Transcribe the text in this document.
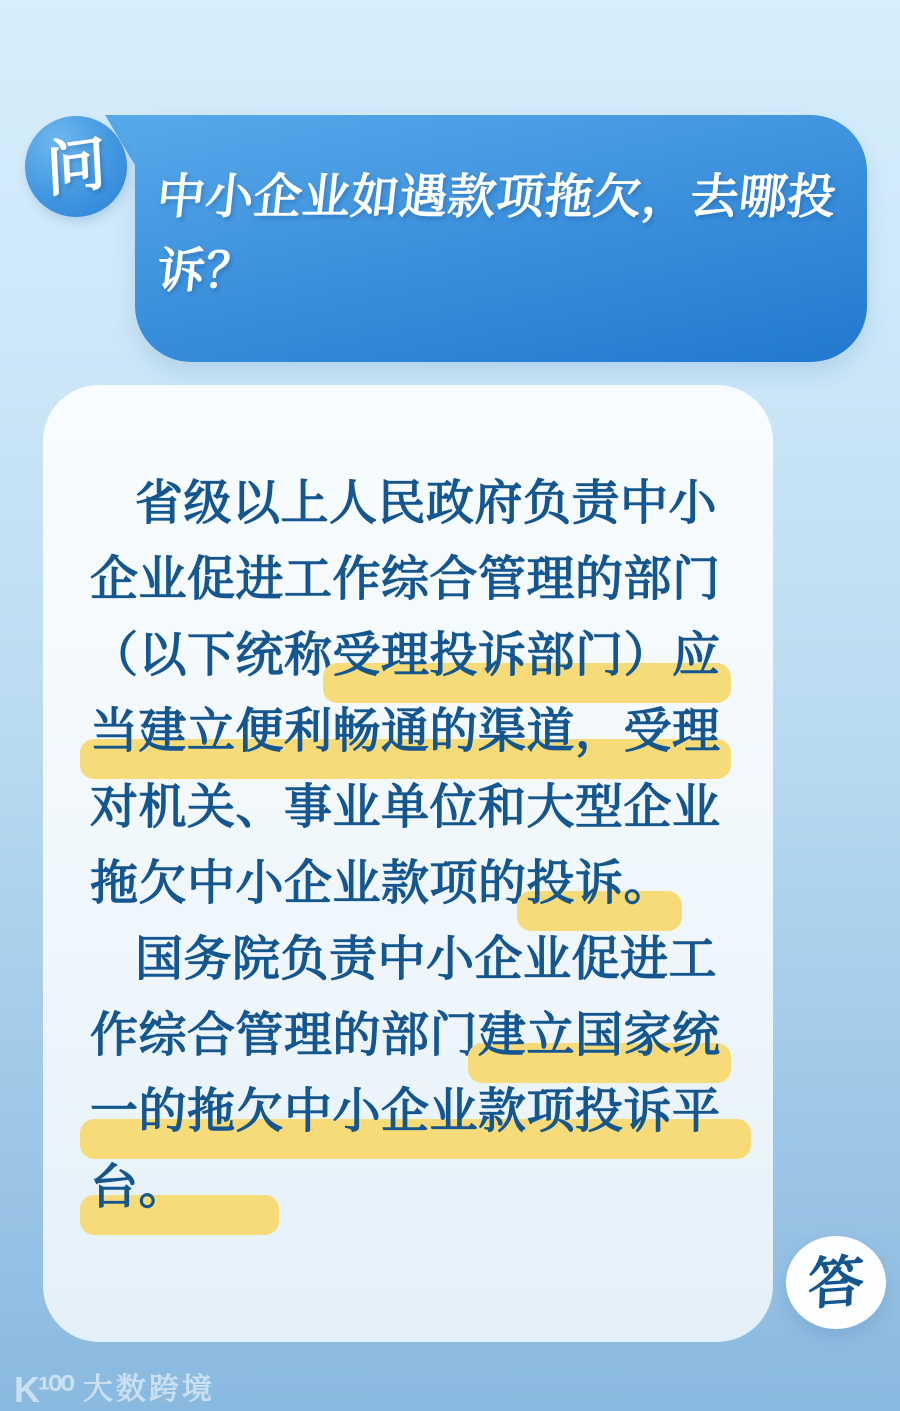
问 中小企业如遇款项拖欠，去哪投
诉？
省级以上人民政府负责中小
企业促进工作综合管理的部门
（以下统称受理投诉部门）应
当建立便利畅通的渠道，受理
对机关、事业单位和大型企业
拖欠中小企业款项的投诉。
国务院负责中小企业促进工
作综合管理的部门建立国家统
一的拖欠中小企业款项投诉平
台。
答
K¹⁰⁰ 大数跨境
